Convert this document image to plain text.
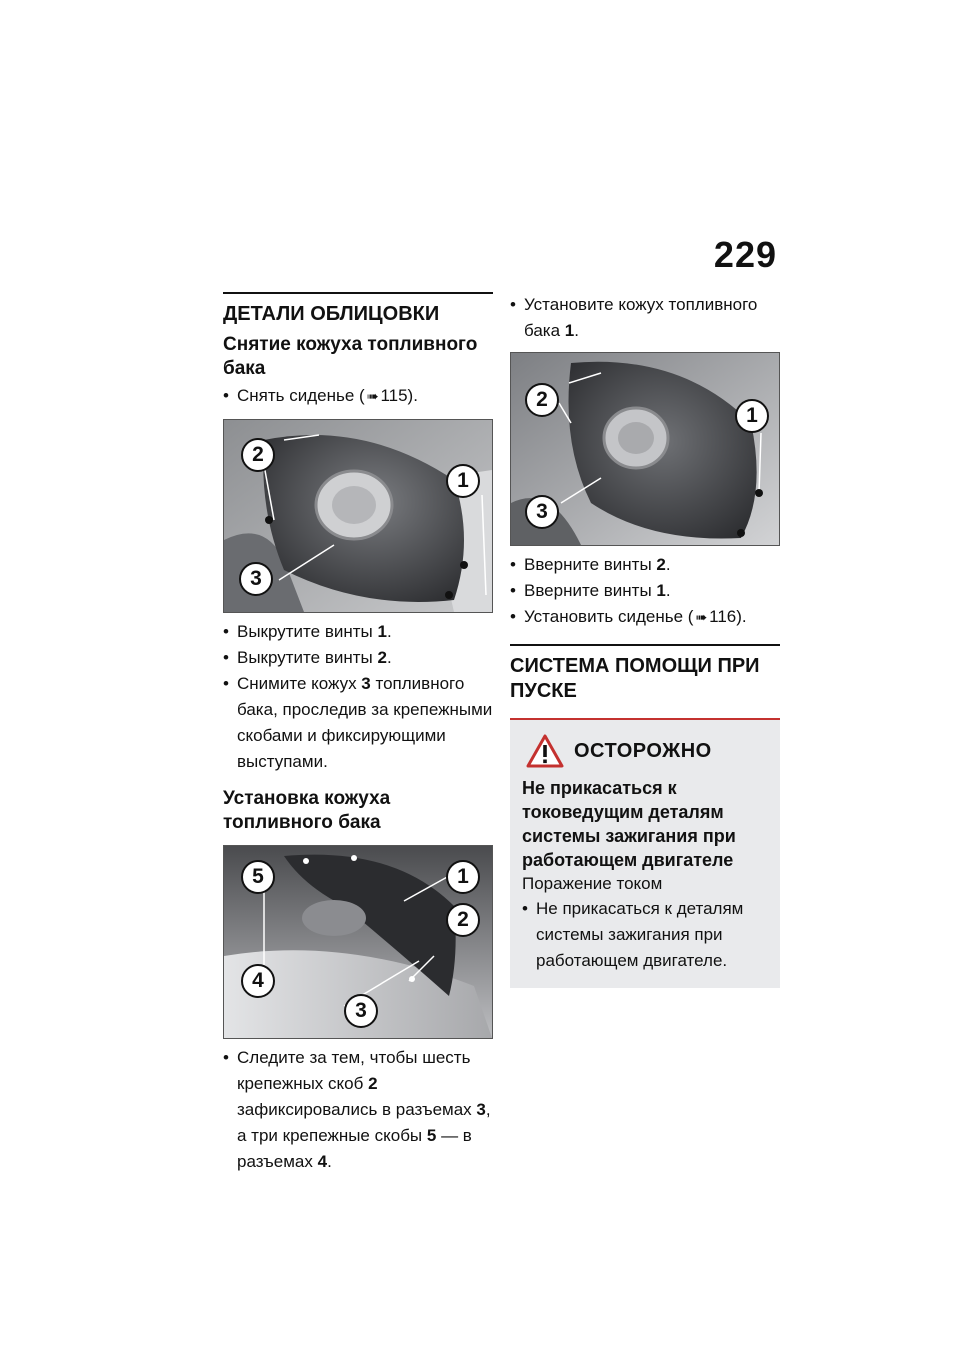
229
ДЕТАЛИ ОБЛИЦОВКИ
Снятие кожуха топливного бака
• Снять сиденье ( ➠ 115).
2
1
3
• Выкрутите винты 1.
• Выкрутите винты 2.
• Снимите кожух 3 топливного бака, проследив за крепежными скобами и фиксирующими выступами.
Установка кожуха топливного бака
5	1
2
4
3
• Следите за тем, чтобы шесть крепежных скоб 2 зафиксировались в разъемах 3, а три крепежные скобы 5 — в разъемах 4.
• Установите кожух топливного бака 1.
2
1
3
• Вверните винты 2.
• Вверните винты 1.
• Установить сиденье ( ➠ 116).
СИСТЕМА ПОМОЩИ ПРИ ПУСКЕ
ОСТОРОЖНО
Не прикасаться к токоведущим деталям системы зажигания при работающем двигателе
Поражение током
• Не прикасаться к деталям системы зажигания при работающем двигателе.
